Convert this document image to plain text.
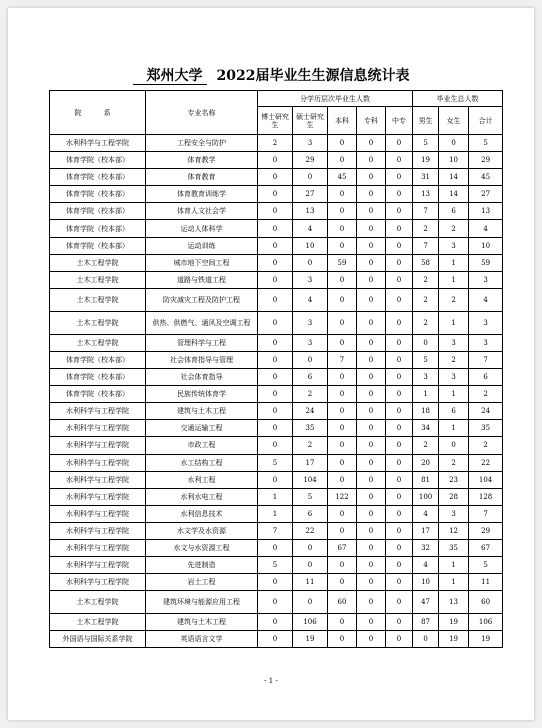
郑州大学 2022届毕业生生源信息统计表
院 系	专业名称	分学历层次毕业生人数					毕业生总人数		
		博士研究生	硕士研究生	本科	专科	中专	男生	女生	合计
水利科学与工程学院	工程安全与防护	2	3	0	0	0	5	0	5
体育学院（校本部）	体育教学	0	29	0	0	0	19	10	29
体育学院（校本部）	体育教育	0	0	45	0	0	31	14	45
体育学院（校本部）	体育教育训练学	0	27	0	0	0	13	14	27
体育学院（校本部）	体育人文社会学	0	13	0	0	0	7	6	13
体育学院（校本部）	运动人体科学	0	4	0	0	0	2	2	4
体育学院（校本部）	运动训练	0	10	0	0	0	7	3	10
土木工程学院	城市地下空间工程	0	0	59	0	0	58	1	59
土木工程学院	道路与铁道工程	0	3	0	0	0	2	1	3
土木工程学院	防灾减灾工程及防护工程	0	4	0	0	0	2	2	4
土木工程学院	供热、供燃气、通风及空调工程	0	3	0	0	0	2	1	3
土木工程学院	管理科学与工程	0	3	0	0	0	0	3	3
体育学院（校本部）	社会体育指导与管理	0	0	7	0	0	5	2	7
体育学院（校本部）	社会体育指导	0	6	0	0	0	3	3	6
体育学院（校本部）	民族传统体育学	0	2	0	0	0	1	1	2
水利科学与工程学院	建筑与土木工程	0	24	0	0	0	18	6	24
水利科学与工程学院	交通运输工程	0	35	0	0	0	34	1	35
水利科学与工程学院	市政工程	0	2	0	0	0	2	0	2
水利科学与工程学院	水工结构工程	5	17	0	0	0	20	2	22
水利科学与工程学院	水利工程	0	104	0	0	0	81	23	104
水利科学与工程学院	水利水电工程	1	5	122	0	0	100	28	128
水利科学与工程学院	水利信息技术	1	6	0	0	0	4	3	7
水利科学与工程学院	水文学及水资源	7	22	0	0	0	17	12	29
水利科学与工程学院	水文与水资源工程	0	0	67	0	0	32	35	67
水利科学与工程学院	先进制造	5	0	0	0	0	4	1	5
水利科学与工程学院	岩土工程	0	11	0	0	0	10	1	11
土木工程学院	建筑环境与能源应用工程	0	0	60	0	0	47	13	60
土木工程学院	建筑与土木工程	0	106	0	0	0	87	19	106
外国语与国际关系学院	英语语言文学	0	19	0	0	0	0	19	19
- 1 -
